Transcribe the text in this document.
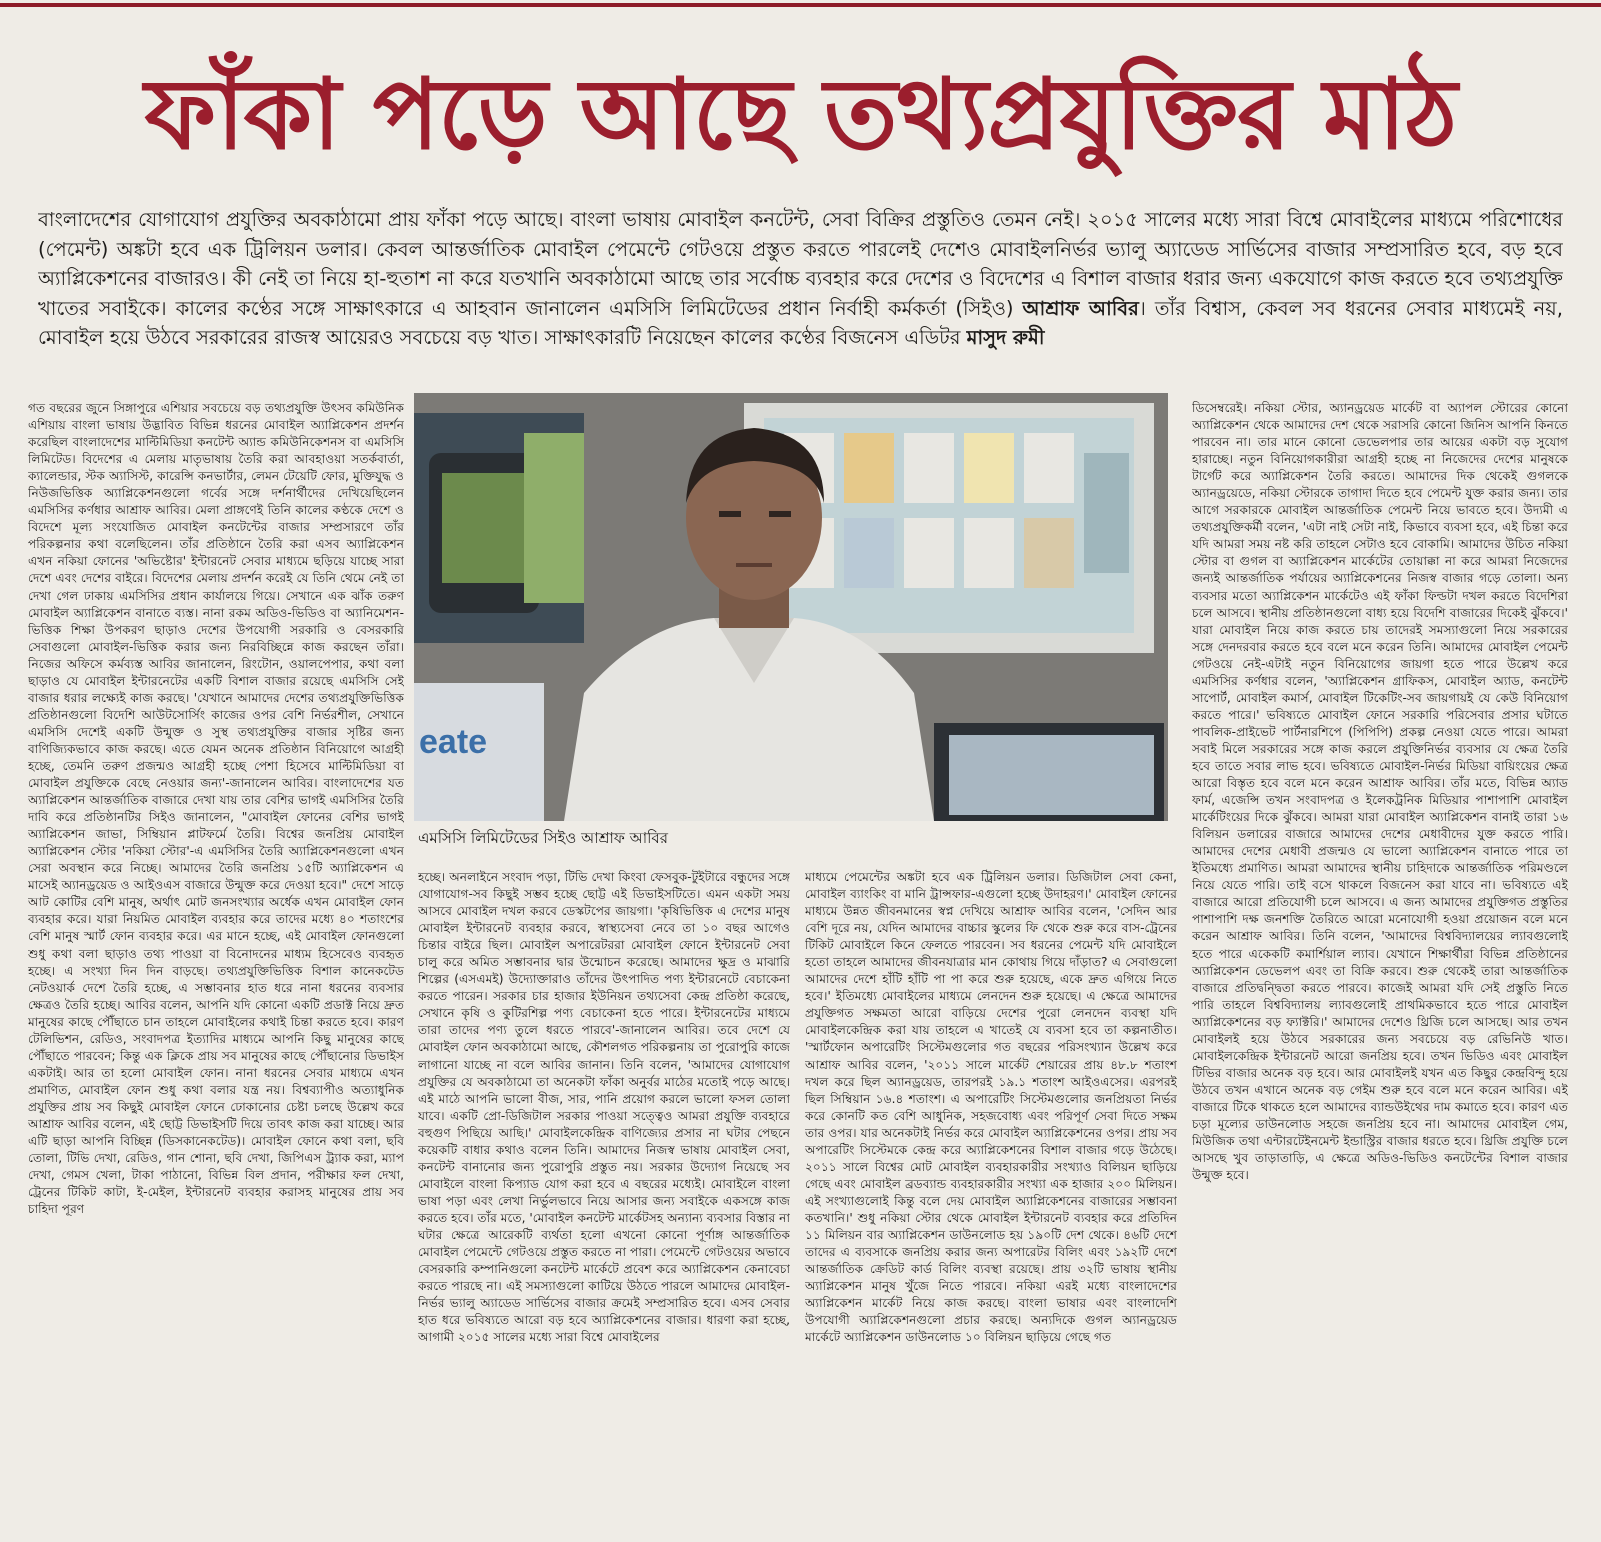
ফাঁকা পড়ে আছে তথ্যপ্রযুক্তির মাঠ
বাংলাদেশের যোগাযোগ প্রযুক্তির অবকাঠামো প্রায় ফাঁকা পড়ে আছে। বাংলা ভাষায় মোবাইল কনটেন্ট, সেবা বিক্রির প্রস্তুতিও তেমন নেই। ২০১৫ সালের মধ্যে সারা বিশ্বে মোবাইলের মাধ্যমে পরিশোধের (পেমেন্ট) অঙ্কটা হবে এক ট্রিলিয়ন ডলার। কেবল আন্তর্জাতিক মোবাইল পেমেন্টে গেটওয়ে প্রস্তুত করতে পারলেই দেশেও মোবাইলনির্ভর ভ্যালু অ্যাডেড সার্ভিসের বাজার সম্প্রসারিত হবে, বড় হবে অ্যাপ্লিকেশনের বাজারও। কী নেই তা নিয়ে হা-হুতাশ না করে যতখানি অবকাঠামো আছে তার সর্বোচ্চ ব্যবহার করে দেশের ও বিদেশের এ বিশাল বাজার ধরার জন্য একযোগে কাজ করতে হবে তথ্যপ্রযুক্তি খাতের সবাইকে। কালের কণ্ঠের সঙ্গে সাক্ষাৎকারে এ আহবান জানালেন এমসিসি লিমিটেডের প্রধান নির্বাহী কর্মকর্তা (সিইও) আশ্রাফ আবির। তাঁর বিশ্বাস, কেবল সব ধরনের সেবার মাধ্যমেই নয়, মোবাইল হয়ে উঠবে সরকারের রাজস্ব আয়েরও সবচেয়ে বড় খাত। সাক্ষাৎকারটি নিয়েছেন কালের কণ্ঠের বিজনেস এডিটর মাসুদ রুমী
eate
এমসিসি লিমিটেডের সিইও আশ্রাফ আবির

গত বছরের জুনে সিঙ্গাপুরে এশিয়ার সবচেয়ে বড় তথ্যপ্রযুক্তি উৎসব কমিউনিক এশিয়ায় বাংলা ভাষায় উদ্ভাবিত বিভিন্ন ধরনের মোবাইল অ্যাপ্লিকেশন প্রদর্শন করেছিল বাংলাদেশের মাল্টিমিডিয়া কনটেন্ট অ্যান্ড কমিউনিকেশনস বা এমসিসি লিমিটেড। বিদেশের এ মেলায় মাতৃভাষায় তৈরি করা আবহাওয়া সতর্কবার্তা, ক্যালেন্ডার, স্টক অ্যাসিস্ট, কারেন্সি কনভার্টার, লেমন টেয়েটি ফোর, মুক্তিযুদ্ধ ও নিউজভিত্তিক অ্যাপ্লিকেশনগুলো গর্বের সঙ্গে দর্শনার্থীদের দেখিয়েছিলেন এমসিসির কর্ণধার আশ্রাফ আবির। মেলা প্রাঙ্গণেই তিনি কালের কণ্ঠকে দেশে ও বিদেশে মূল্য সংযোজিত মোবাইল কনটেন্টের বাজার সম্প্রসারণে তাঁর পরিকল্পনার কথা বলেছিলেন। তাঁর প্রতিষ্ঠানে তৈরি করা এসব অ্যাপ্লিকেশন এখন নকিয়া ফোনের 'অভিষ্টোর' ইন্টারনেট সেবার মাধ্যমে ছড়িয়ে যাচ্ছে সারা দেশে এবং দেশের বাইরে। বিদেশের মেলায় প্রদর্শন করেই যে তিনি থেমে নেই তা দেখা গেল ঢাকায় এমসিসির প্রধান কার্যালয়ে গিয়ে। সেখানে এক ঝাঁক তরুণ মোবাইল অ্যাপ্লিকেশন বানাতে ব্যস্ত। নানা রকম অডিও-ভিডিও বা অ্যানিমেশন-ভিত্তিক শিক্ষা উপকরণ ছাড়াও দেশের উপযোগী সরকারি ও বেসরকারি সেবাগুলো মোবাইল-ভিত্তিক করার জন্য নিরবিচ্ছিন্নে কাজ করছেন তাঁরা। নিজের অফিসে কর্মব্যস্ত আবির জানালেন, রিংটোন, ওয়ালপেপার, কথা বলা ছাড়াও যে মোবাইল ইন্টারনেটের একটি বিশাল বাজার রয়েছে এমসিসি সেই বাজার ধরার লক্ষ্যেই কাজ করছে। 'যেখানে আমাদের দেশের তথ্যপ্রযুক্তিভিত্তিক প্রতিষ্ঠানগুলো বিদেশি আউটসোর্সিং কাজের ওপর বেশি নির্ভরশীল, সেখানে এমসিসি দেশেই একটি উন্মুক্ত ও সুস্থ তথ্যপ্রযুক্তির বাজার সৃষ্টির জন্য বাণিজ্যিকভাবে কাজ করছে। এতে যেমন অনেক প্রতিষ্ঠান বিনিয়োগে আগ্রহী হচ্ছে, তেমনি তরুণ প্রজন্মও আগ্রহী হচ্ছে পেশা হিসেবে মাল্টিমিডিয়া বা মোবাইল প্রযুক্তিকে বেছে নেওয়ার জন্য'-জানালেন আবির। বাংলাদেশের যত অ্যাপ্লিকেশন আন্তর্জাতিক বাজারে দেখা যায় তার বেশির ভাগই এমসিসির তৈরি দাবি করে প্রতিষ্ঠানটির সিইও জানালেন, "মোবাইল ফোনের বেশির ভাগই অ্যাপ্লিকেশন জাভা, সিম্বিয়ান প্লাটফর্মে তৈরি। বিশ্বের জনপ্রিয় মোবাইল অ্যাপ্লিকেশন স্টোর 'নকিয়া স্টোর'-এ এমসিসির তৈরি অ্যাপ্লিকেশনগুলো এখন সেরা অবস্থান করে নিচ্ছে। আমাদের তৈরি জনপ্রিয় ১৫টি অ্যাপ্লিকেশন এ মাসেই অ্যানড্রয়েড ও আইওএস বাজারে উন্মুক্ত করে দেওয়া হবে।" দেশে সাড়ে আট কোটির বেশি মানুষ, অর্থাৎ মোট জনসংখ্যার অর্ধেক এখন মোবাইল ফোন ব্যবহার করে। যারা নিয়মিত মোবাইল ব্যবহার করে তাদের মধ্যে ৪০ শতাংশের বেশি মানুষ স্মার্ট ফোন ব্যবহার করে। এর মানে হচ্ছে, এই মোবাইল ফোনগুলো শুধু কথা বলা ছাড়াও তথ্য পাওয়া বা বিনোদনের মাধ্যম হিসেবেও ব্যবহৃত হচ্ছে। এ সংখ্যা দিন দিন বাড়ছে। তথ্যপ্রযুক্তিভিত্তিক বিশাল কানেকটেড নেটওয়ার্ক দেশে তৈরি হচ্ছে, এ সম্ভাবনার হাত ধরে নানা ধরনের ব্যবসার ক্ষেত্রও তৈরি হচ্ছে। আবির বলেন, আপনি যদি কোনো একটি প্রডাক্ট নিয়ে দ্রুত মানুষের কাছে পৌঁছাতে চান তাহলে মোবাইলের কথাই চিন্তা করতে হবে। কারণ টেলিভিশন, রেডিও, সংবাদপত্র ইত্যাদির মাধ্যমে আপনি কিছু মানুষের কাছে পৌঁছাতে পারবেন; কিন্তু এক ক্লিকে প্রায় সব মানুষের কাছে পৌঁছানোর ডিভাইস একটাই। আর তা হলো মোবাইল ফোন। নানা ধরনের সেবার মাধ্যমে এখন প্রমাণিত, মোবাইল ফোন শুধু কথা বলার যন্ত্র নয়। বিশ্বব্যাপীও অত্যাধুনিক প্রযুক্তির প্রায় সব কিছুই মোবাইল ফোনে ঢোকানোর চেষ্টা চলছে উল্লেখ করে আশ্রাফ আবির বলেন, এই ছোট্ট ডিভাইসটি দিয়ে তাবৎ কাজ করা যাচ্ছে। আর এটি ছাড়া আপনি বিচ্ছিন্ন (ডিসকানেকটেড)। মোবাইল ফোনে কথা বলা, ছবি তোলা, টিভি দেখা, রেডিও, গান শোনা, ছবি দেখা, জিপিএস ট্র্যাক করা, ম্যাপ দেখা, গেমস খেলা, টাকা পাঠানো, বিভিন্ন বিল প্রদান, পরীক্ষার ফল দেখা, ট্রেনের টিকিট কাটা, ই-মেইল, ইন্টারনেট ব্যবহার করাসহ মানুষের প্রায় সব চাহিদা পূরণ

হচ্ছে। অনলাইনে সংবাদ পড়া, টিভি দেখা কিংবা ফেসবুক-টুইটারে বন্ধুদের সঙ্গে যোগাযোগ-সব কিছুই সম্ভব হচ্ছে ছোট্ট এই ডিভাইসটিতে। এমন একটা সময় আসবে মোবাইল দখল করবে ডেস্কটপের জায়গা। 'কৃষিভিত্তিক এ দেশের মানুষ মোবাইল ইন্টারনেট ব্যবহার করবে, স্বাস্থ্যসেবা নেবে তা ১০ বছর আগেও চিন্তার বাইরে ছিল। মোবাইল অপারেটররা মোবাইল ফোনে ইন্টারনেট সেবা চালু করে অমিত সম্ভাবনার দ্বার উন্মোচন করেছে। আমাদের ক্ষুদ্র ও মাঝারি শিল্পের (এসএমই) উদ্যোক্তারাও তাঁদের উৎপাদিত পণ্য ইন্টারনেটে বেচাকেনা করতে পারেন। সরকার চার হাজার ইউনিয়ন তথ্যসেবা কেন্দ্র প্রতিষ্ঠা করেছে, সেখানে কৃষি ও কুটিরশিল্প পণ্য বেচাকেনা হতে পারে। ইন্টারনেটের মাধ্যমে তারা তাদের পণ্য তুলে ধরতে পারবে'-জানালেন আবির। তবে দেশে যে মোবাইল ফোন অবকাঠামো আছে, কৌশলগত পরিকল্পনায় তা পুরোপুরি কাজে লাগানো যাচ্ছে না বলে আবির জানান। তিনি বলেন, 'আমাদের যোগাযোগ প্রযুক্তির যে অবকাঠামো তা অনেকটা ফাঁকা অনুর্বর মাঠের মতোই পড়ে আছে। এই মাঠে আপনি ভালো বীজ, সার, পানি প্রয়োগ করলে ভালো ফসল তোলা যাবে। একটি প্রো-ডিজিটাল সরকার পাওয়া সত্ত্বেও আমরা প্রযুক্তি ব্যবহারে বহুগুণ পিছিয়ে আছি।' মোবাইলকেন্দ্রিক বাণিজ্যের প্রসার না ঘটার পেছনে কয়েকটি বাধার কথাও বলেন তিনি। আমাদের নিজস্ব ভাষায় মোবাইল সেবা, কনটেন্ট বানানোর জন্য পুরোপুরি প্রস্তুত নয়। সরকার উদ্যোগ নিয়েছে সব মোবাইলে বাংলা কিপ্যাড যোগ করা হবে এ বছরের মধ্যেই। মোবাইলে বাংলা ভাষা পড়া এবং লেখা নির্ভুলভাবে নিয়ে আসার জন্য সবাইকে একসঙ্গে কাজ করতে হবে। তাঁর মতে, 'মোবাইল কনটেন্ট মার্কেটসহ অন্যান্য ব্যবসার বিস্তার না ঘটার ক্ষেত্রে আরেকটি ব্যর্থতা হলো এখনো কোনো পূর্ণাঙ্গ আন্তর্জাতিক মোবাইল পেমেন্টে গেটওয়ে প্রস্তুত করতে না পারা। পেমেন্টে গেটওয়ের অভাবে বেসরকারি কম্পানিগুলো কনটেন্ট মার্কেটে প্রবেশ করে অ্যাপ্লিকেশন কেনাবেচা করতে পারছে না। এই সমস্যাগুলো কাটিয়ে উঠতে পারলে আমাদের মোবাইল-নির্ভর ভ্যালু অ্যাডেড সার্ভিসের বাজার ক্রমেই সম্প্রসারিত হবে। এসব সেবার হাত ধরে ভবিষ্যতে আরো বড় হবে অ্যাপ্লিকেশনের বাজার। ধারণা করা হচ্ছে, আগামী ২০১৫ সালের মধ্যে সারা বিশ্বে মোবাইলের

মাধ্যমে পেমেন্টের অঙ্কটা হবে এক ট্রিলিয়ন ডলার। ডিজিটাল সেবা কেনা, মোবাইল ব্যাংকিং বা মানি ট্রান্সফার-এগুলো হচ্ছে উদাহরণ।' মোবাইল ফোনের মাধ্যমে উন্নত জীবনমানের স্বপ্ন দেখিয়ে আশ্রাফ আবির বলেন, 'সেদিন আর বেশি দূরে নয়, যেদিন আমাদের বাচ্চার স্কুলের ফি থেকে শুরু করে বাস-ট্রেনের টিকিট মোবাইলে কিনে ফেলতে পারবেন। সব ধরনের পেমেন্ট যদি মোবাইলে হতো তাহলে আমাদের জীবনযাত্রার মান কোথায় গিয়ে দাঁড়াত? এ সেবাগুলো আমাদের দেশে হাঁটি হাঁটি পা পা করে শুরু হয়েছে, একে দ্রুত এগিয়ে নিতে হবে।' ইতিমধ্যে মোবাইলের মাধ্যমে লেনদেন শুরু হয়েছে। এ ক্ষেত্রে আমাদের প্রযুক্তিগত সক্ষমতা আরো বাড়িয়ে দেশের পুরো লেনদেন ব্যবস্থা যদি মোবাইলকেন্দ্রিক করা যায় তাহলে এ খাতেই যে ব্যবসা হবে তা কল্পনাতীত। 'স্মার্টফোন অপারেটিং সিস্টেমগুলোর গত বছরের পরিসংখ্যান উল্লেখ করে আশ্রাফ আবির বলেন, '২০১১ সালে মার্কেট শেয়ারের প্রায় ৪৮.৮ শতাংশ দখল করে ছিল অ্যানড্রয়েড, তারপরই ১৯.১ শতাংশ আইওএসের। এরপরই ছিল সিম্বিয়ান ১৬.৪ শতাংশ। এ অপারেটিং সিস্টেমগুলোর জনপ্রিয়তা নির্ভর করে কোনটি কত বেশি আধুনিক, সহজবোধ্য এবং পরিপূর্ণ সেবা দিতে সক্ষম তার ওপর। যার অনেকটাই নির্ভর করে মোবাইল অ্যাপ্লিকেশনের ওপর। প্রায় সব অপারেটিং সিস্টেমকে কেন্দ্র করে অ্যাপ্লিকেশনের বিশাল বাজার গড়ে উঠেছে। ২০১১ সালে বিশ্বের মোট মোবাইল ব্যবহারকারীর সংখ্যাও বিলিয়ন ছাড়িয়ে গেছে এবং মোবাইল ব্রডব্যান্ড ব্যবহারকারীর সংখ্যা এক হাজার ২০০ মিলিয়ন। এই সংখ্যাগুলোই কিন্তু বলে দেয় মোবাইল অ্যাপ্লিকেশনের বাজারের সম্ভাবনা কতখানি।' শুধু নকিয়া স্টোর থেকে মোবাইল ইন্টারনেট ব্যবহার করে প্রতিদিন ১১ মিলিয়ন বার অ্যাপ্লিকেশন ডাউনলোড হয় ১৯০টি দেশ থেকে। ৪৬টি দেশে তাদের এ ব্যবসাকে জনপ্রিয় করার জন্য অপারেটর বিলিং এবং ১৯২টি দেশে আন্তর্জাতিক ক্রেডিট কার্ড বিলিং ব্যবস্থা রয়েছে। প্রায় ৩২টি ভাষায় স্থানীয় অ্যাপ্লিকেশন মানুষ খুঁজে নিতে পারবে। নকিয়া এরই মধ্যে বাংলাদেশের অ্যাপ্লিকেশন মার্কেট নিয়ে কাজ করছে। বাংলা ভাষার এবং বাংলাদেশি উপযোগী অ্যাপ্লিকেশনগুলো প্রচার করছে। অন্যদিকে গুগল অ্যানড্রয়েড মার্কেটে অ্যাপ্লিকেশন ডাউনলোড ১০ বিলিয়ন ছাড়িয়ে গেছে গত

ডিসেম্বরেই। নকিয়া স্টোর, অ্যানড্রয়েড মার্কেট বা অ্যাপল স্টোরের কোনো অ্যাপ্লিকেশন থেকে আমাদের দেশ থেকে সরাসরি কোনো জিনিস আপনি কিনতে পারবেন না। তার মানে কোনো ডেভেলপার তার আয়ের একটা বড় সুযোগ হারাচ্ছে। নতুন বিনিয়োগকারীরা আগ্রহী হচ্ছে না নিজেদের দেশের মানুষকে টার্গেট করে অ্যাপ্লিকেশন তৈরি করতে। আমাদের দিক থেকেই গুগলকে অ্যানড্রয়েডে, নকিয়া স্টোরকে তাগাদা দিতে হবে পেমেন্ট যুক্ত করার জন্য। তার আগে সরকারকে মোবাইল আন্তর্জাতিক পেমেন্ট নিয়ে ভাবতে হবে। উদ্যমী এ তথ্যপ্রযুক্তিকর্মী বলেন, 'এটা নাই সেটা নাই, কিভাবে ব্যবসা হবে, এই চিন্তা করে যদি আমরা সময় নষ্ট করি তাহলে সেটাও হবে বোকামি। আমাদের উচিত নকিয়া স্টোর বা গুগল বা অ্যাপ্লিকেশন মার্কেটের তোয়াক্কা না করে আমরা নিজেদের জন্যই আন্তর্জাতিক পর্যায়ের অ্যাপ্লিকেশনের নিজস্ব বাজার গড়ে তোলা। অন্য ব্যবসার মতো অ্যাপ্লিকেশন মার্কেটেও এই ফাঁকা ফিল্ডটা দখল করতে বিদেশিরা চলে আসবে। স্থানীয় প্রতিষ্ঠানগুলো বাধ্য হয়ে বিদেশি বাজারের দিকেই ঝুঁকবে।' যারা মোবাইল নিয়ে কাজ করতে চায় তাদেরই সমস্যাগুলো নিয়ে সরকারের সঙ্গে দেনদরবার করতে হবে বলে মনে করেন তিনি। আমাদের মোবাইল পেমেন্ট গেটওয়ে নেই-এটাই নতুন বিনিয়োগের জায়গা হতে পারে উল্লেখ করে এমসিসির কর্ণধার বলেন, 'অ্যাপ্লিকেশন গ্রাফিকস, মোবাইল অ্যাড, কনটেন্ট সাপোর্ট, মোবাইল কমার্স, মোবাইল টিকেটিং-সব জায়গায়ই যে কেউ বিনিয়োগ করতে পারে।' ভবিষ্যতে মোবাইল ফোনে সরকারি পরিসেবার প্রসার ঘটাতে পাবলিক-প্রাইভেট পার্টনারশিপে (পিপিপি) প্রকল্প নেওয়া যেতে পারে। আমরা সবাই মিলে সরকারের সঙ্গে কাজ করলে প্রযুক্তিনির্ভর ব্যবসার যে ক্ষেত্র তৈরি হবে তাতে সবার লাভ হবে। ভবিষ্যতে মোবাইল-নির্ভর মিডিয়া বায়িংয়ের ক্ষেত্র আরো বিস্তৃত হবে বলে মনে করেন আশ্রাফ আবির। তাঁর মতে, বিভিন্ন অ্যাড ফার্ম, এজেন্সি তখন সংবাদপত্র ও ইলেকট্রনিক মিডিয়ার পাশাপাশি মোবাইল মার্কেটিংয়ের দিকে ঝুঁকবে। আমরা যারা মোবাইল অ্যাপ্লিকেশন বানাই তারা ১৬ বিলিয়ন ডলারের বাজারে আমাদের দেশের মেধাবীদের যুক্ত করতে পারি। আমাদের দেশের মেধাবী প্রজন্মও যে ভালো অ্যাপ্লিকেশন বানাতে পারে তা ইতিমধ্যে প্রমাণিত। আমরা আমাদের স্থানীয় চাহিদাকে আন্তর্জাতিক পরিমণ্ডলে নিয়ে যেতে পারি। তাই বসে থাকলে বিজনেস করা যাবে না। ভবিষ্যতে এই বাজারে আরো প্রতিযোগী চলে আসবে। এ জন্য আমাদের প্রযুক্তিগত প্রস্তুতির পাশাপাশি দক্ষ জনশক্তি তৈরিতে আরো মনোযোগী হওয়া প্রয়োজন বলে মনে করেন আশ্রাফ আবির। তিনি বলেন, 'আমাদের বিশ্ববিদ্যালয়ের ল্যাবগুলোই হতে পারে একেকটি কমার্শিয়াল ল্যাব। যেখানে শিক্ষার্থীরা বিভিন্ন প্রতিষ্ঠানের অ্যাপ্লিকেশন ডেভেলপ এবং তা বিক্রি করবে। শুরু থেকেই তারা আন্তর্জাতিক বাজারে প্রতিদ্বন্দ্বিতা করতে পারবে। কাজেই আমরা যদি সেই প্রস্তুতি নিতে পারি তাহলে বিশ্ববিদ্যালয় ল্যাবগুলোই প্রাথমিকভাবে হতে পারে মোবাইল অ্যাপ্লিকেশনের বড় ফ্যাক্টরি।' আমাদের দেশেও থ্রিজি চলে আসছে। আর তখন মোবাইলই হয়ে উঠবে সরকারের জন্য সবচেয়ে বড় রেভিনিউ খাত। মোবাইলকেন্দ্রিক ইন্টারনেট আরো জনপ্রিয় হবে। তখন ভিডিও এবং মোবাইল টিভির বাজার অনেক বড় হবে। আর মোবাইলই যখন এত কিছুর কেন্দ্রবিন্দু হয়ে উঠবে তখন এখানে অনেক বড় গেইম শুরু হবে বলে মনে করেন আবির। এই বাজারে টিকে থাকতে হলে আমাদের ব্যান্ডউইথের দাম কমাতে হবে। কারণ এত চড়া মূল্যের ডাউনলোড সহজে জনপ্রিয় হবে না। আমাদের মোবাইল গেম, মিউজিক তথা এন্টারটেইনমেন্ট ইন্ডাস্ট্রির বাজার ধরতে হবে। থ্রিজি প্রযুক্তি চলে আসছে খুব তাড়াতাড়ি, এ ক্ষেত্রে অডিও-ভিডিও কনটেন্টের বিশাল বাজার উন্মুক্ত হবে।
